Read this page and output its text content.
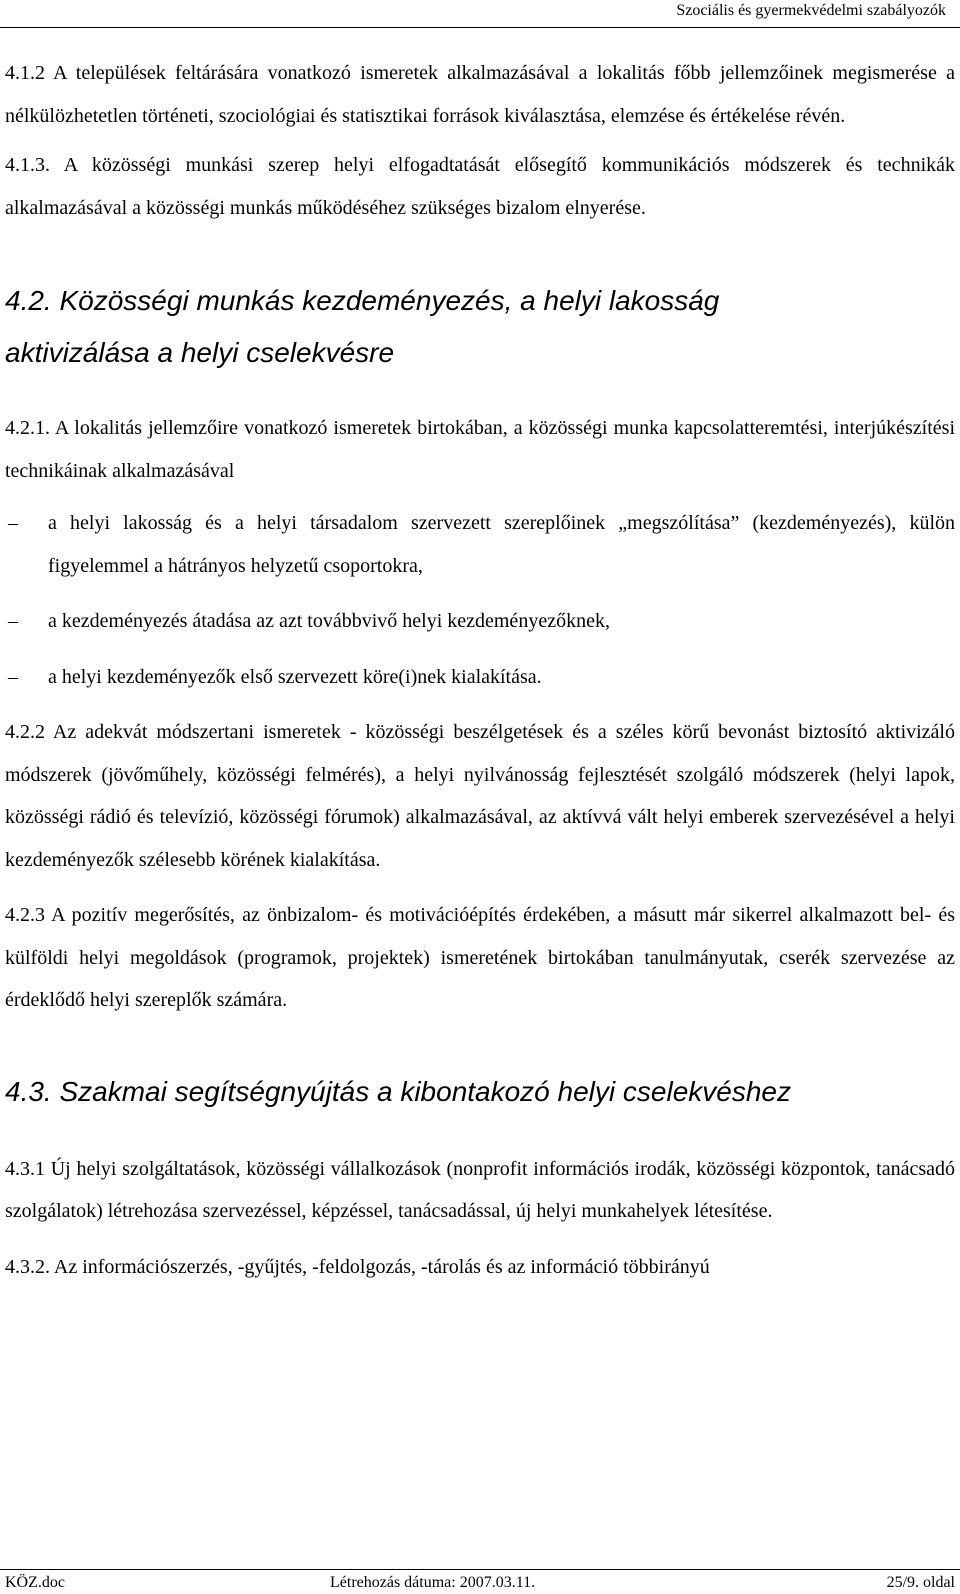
Szociális és gyermekvédelmi szabályozók

4.1.2 A települések feltárására vonatkozó ismeretek alkalmazásával a lokalitás főbb jellemzőinek megismerése a nélkülözhetetlen történeti, szociológiai és statisztikai források kiválasztása, elemzése és értékelése révén.

4.1.3. A közösségi munkási szerep helyi elfogadtatását elősegítő kommunikációs módszerek és technikák alkalmazásával a közösségi munkás működéséhez szükséges bizalom elnyerése.

4.2. Közösségi munkás kezdeményezés, a helyi lakosság

aktivizálása a helyi cselekvésre

4.2.1. A lokalitás jellemzőire vonatkozó ismeretek birtokában, a közösségi munka kapcsolatteremtési, interjúkészítési technikáinak alkalmazásával

–	a helyi lakosság és a helyi társadalom szervezett szereplőinek „megszólítása” (kezdeményezés), külön figyelemmel a hátrányos helyzetű csoportokra,

–	a kezdeményezés átadása az azt továbbvivő helyi kezdeményezőknek,

–	a helyi kezdeményezők első szervezett köre(i)nek kialakítása.

4.2.2 Az adekvát módszertani ismeretek - közösségi beszélgetések és a széles körű bevonást biztosító aktivizáló módszerek (jövőműhely, közösségi felmérés), a helyi nyilvánosság fejlesztését szolgáló módszerek (helyi lapok, közösségi rádió és televízió, közösségi fórumok) alkalmazásával, az aktívvá vált helyi emberek szervezésével a helyi kezdeményezők szélesebb körének kialakítása.

4.2.3 A pozitív megerősítés, az önbizalom- és motivációépítés érdekében, a másutt már sikerrel alkalmazott bel- és külföldi helyi megoldások (programok, projektek) ismeretének birtokában tanulmányutak, cserék szervezése az érdeklődő helyi szereplők számára.

4.3. Szakmai segítségnyújtás a kibontakozó helyi cselekvéshez

4.3.1 Új helyi szolgáltatások, közösségi vállalkozások (nonprofit információs irodák, közösségi központok, tanácsadó szolgálatok) létrehozása szervezéssel, képzéssel, tanácsadással, új helyi munkahelyek létesítése.

4.3.2. Az információszerzés, -gyűjtés, -feldolgozás, -tárolás és az információ többirányú

KÖZ.doc	Létrehozás dátuma: 2007.03.11.	25/9. oldal
